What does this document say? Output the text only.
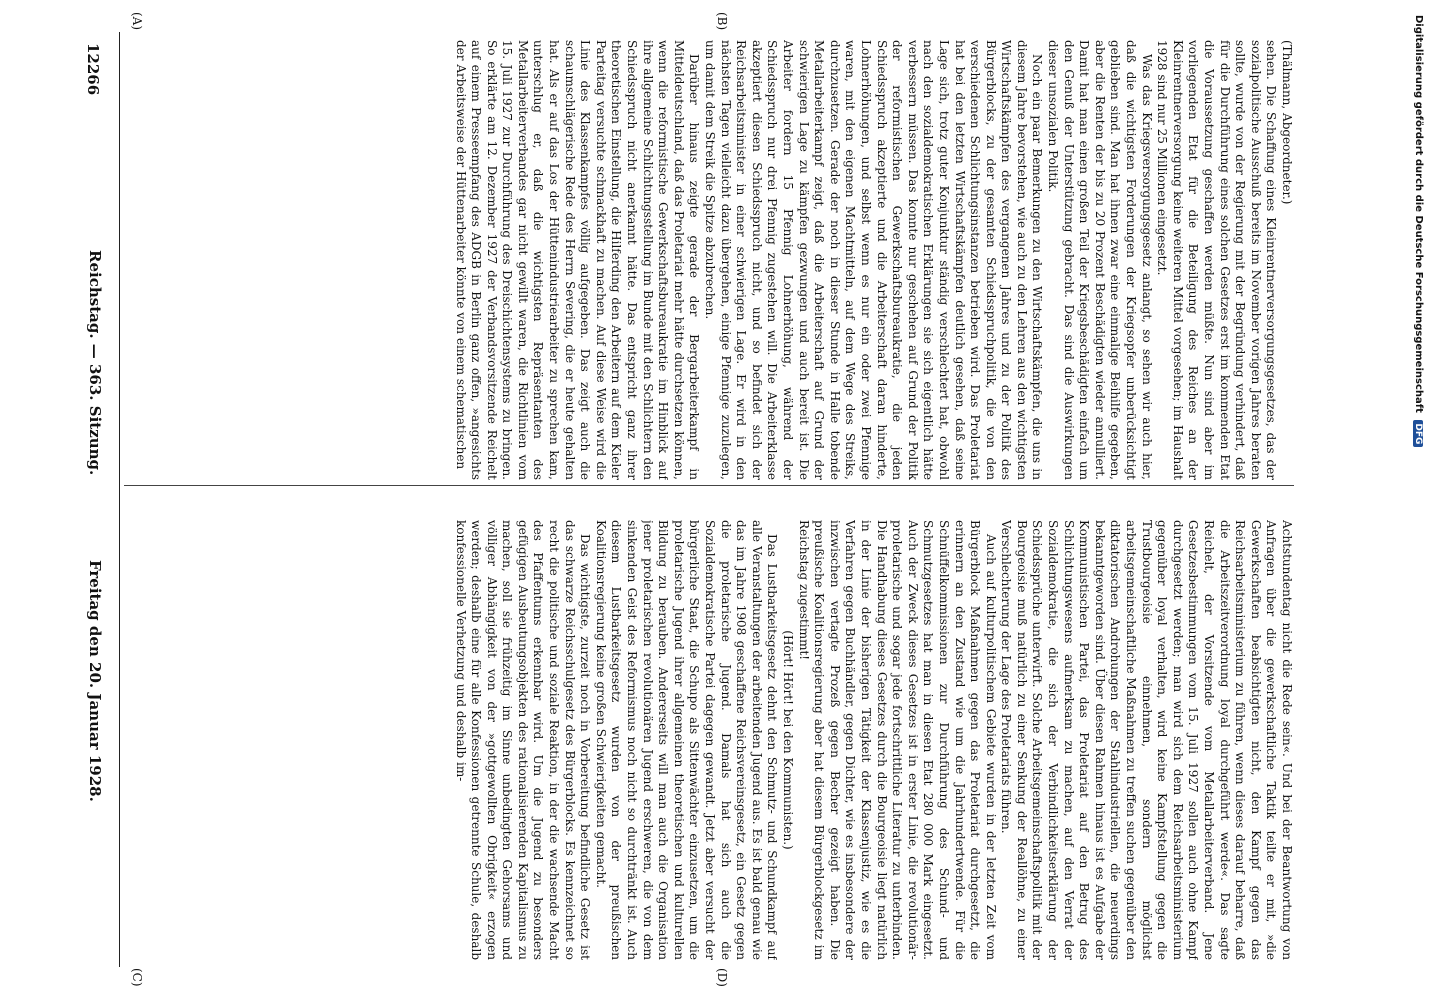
Digitalisierung gefördert durch die Deutsche Forschungsgemeinschaft DFG
12266
Reichstag. — 363. Sitzung.
Freitag den 20. Januar 1928.
(A)	(B)
(C)	(D)

(Thälmann, Abgeordneter.)

sehen. Die Schaffung eines Kleinrentnerversorgungsgesetzes, das der sozialpolitische Ausschuß bereits im November vorigen Jahres beraten sollte, wurde von der Regierung mit der Begründung verhindert, daß für die Durchführung eines solchen Gesetzes erst im kommenden Etat die Voraussetzung geschaffen werden müßte. Nun sind aber im vorliegenden Etat für die Beteiligung des Reiches an der Kleinrentnerversorgung keine weiteren Mittel vorgesehen; im Haushalt 1928 sind nur 25 Millionen eingesetzt.

Was das Kriegsversorgungsgesetz anlangt, so sehen wir auch hier, daß die wichtigsten Forderungen der Kriegsopfer unberücksichtigt geblieben sind. Man hat ihnen zwar eine einmalige Beihilfe gegeben, aber die Renten der bis zu 20 Prozent Beschädigten wieder annulliert. Damit hat man einen großen Teil der Kriegsbeschädigten einfach um den Genuß der Unterstützung gebracht. Das sind die Auswirkungen dieser unsozialen Politik.

Noch ein paar Bemerkungen zu den Wirtschaftskämpfen, die uns in diesem Jahre bevorstehen, wie auch zu den Lehren aus den wichtigsten Wirtschaftskämpfen des vergangenen Jahres und zu der Politik des Bürgerblocks, zu der gesamten Schiedsspruchpolitik, die von den verschiedenen Schlichtungsinstanzen betrieben wird. Das Proletariat hat bei den letzten Wirtschaftskämpfen deutlich gesehen, daß seine Lage sich, trotz guter Konjunktur ständig verschlechtert hat, obwohl nach den sozialdemokratischen Erklärungen sie sich eigentlich hätte verbessern müssen. Das konnte nur geschehen auf Grund der Politik der reformistischen Gewerkschaftsbureaukratie, die jeden Schiedsspruch akzeptierte und die Arbeiterschaft daran hinderte, Lohnerhöhungen, und selbst wenn es nur ein oder zwei Pfennige waren, mit den eigenen Machtmitteln, auf dem Wege des Streiks, durchzusetzen. Gerade der noch in dieser Stunde in Halle tobende Metallarbeiterkampf zeigt, daß die Arbeiterschaft auf Grund der schwierigen Lage zu kämpfen gezwungen und auch bereit ist. Die Arbeiter fordern 15 Pfennig Lohnerhöhung, während der Schiedsspruch nur drei Pfennig zugestehen will. Die Arbeiterklasse akzeptiert diesen Schiedsspruch nicht, und so befindet sich der Reichsarbeitsminister in einer schwierigen Lage. Er wird in den nächsten Tagen vielleicht dazu übergehen, einige Pfennige zuzulegen, um damit dem Streik die Spitze abzubrechen.

Darüber hinaus zeigte gerade der Bergarbeiterkampf in Mitteldeutschland, daß das Proletariat mehr hätte durchsetzen können, wenn die reformistische Gewerkschaftsbureaukratie im Hinblick auf ihre allgemeine Schlichtungsstellung im Bunde mit den Schlichtern den Schiedsspruch nicht anerkannt hätte. Das entspricht ganz ihrer theoretischen Einstellung, die Hilferding den Arbeitern auf dem Kieler Parteitag versuchte schmackhaft zu machen. Auf diese Weise wird die Linie des Klassenkampfes völlig aufgegeben. Das zeigt auch die schaumschlägerische Rede des Herrn Severing, die er heute gehalten hat. Als er auf das Los der Hüttenindustriearbeiter zu sprechen kam, unterschlug er, daß die wichtigsten Repräsentanten des Metallarbeiterverbandes gar nicht gewillt waren, die Richtlinien vom 15. Juli 1927 zur Durchführung des Dreischichtensystems zu bringen. So erklärte am 12. Dezember 1927 der Verbandsvorsitzende Reichelt auf einem Presseempfang des ADGB in Berlin ganz offen, »angesichts der Arbeitsweise der Hüttenarbeiter könnte von einem schematischen

Achtstundentag nicht die Rede sein«. Und bei der Beantwortung von Anfragen über die gewerkschaftliche Taktik teilte er mit, »die Gewerkschaften beabsichtigten nicht, den Kampf gegen das Reichsarbeitsministerium zu führen, wenn dieses darauf beharre, daß die Arbeitszeitverordnung loyal durchgeführt werde«. Das sagte Reichelt, der Vorsitzende vom Metallarbeiterverband. Jene Gesetzesbestimmungen vom 15. Juli 1927 sollen auch ohne Kampf durchgesetzt werden; man wird sich dem Reichsarbeitsministerium gegenüber loyal verhalten, wird keine Kampfstellung gegen die Trustbourgeoisie einnehmen, sondern möglichst arbeitsgemeinschaftliche Maßnahmen zu treffen suchen gegenüber den diktatorischen Androhungen der Stahlindustriellen, die neuerdings bekanntgeworden sind. Über diesen Rahmen hinaus ist es Aufgabe der Kommunistischen Partei, das Proletariat auf den Betrug des Schlichtungswesens aufmerksam zu machen, auf den Verrat der Sozialdemokratie, die sich der Verbindlichkeitserklärung der Schiedssprüche unterwirft. Solche Arbeitsgemeinschaftspolitik mit der Bourgeoisie muß natürlich zu einer Senkung der Reallöhne, zu einer Verschlechterung der Lage des Proletariats führen.

Auch auf kulturpolitischem Gebiete wurden in der letzten Zeit vom Bürgerblock Maßnahmen gegen das Proletariat durchgesetzt, die erinnern an den Zustand wie um die Jahrhundertwende. Für die Schnüffelkommissionen zur Durchführung des Schund- und Schmutzgesetzes hat man in diesen Etat 280 000 Mark eingesetzt. Auch der Zweck dieses Gesetzes ist in erster Linie, die revolutionär-proletarische und sogar jede fortschrittliche Literatur zu unterbinden. Die Handhabung dieses Gesetzes durch die Bourgeoisie liegt natürlich in der Linie der bisherigen Tätigkeit der Klassenjustiz, wie es die Verfahren gegen Buchhändler, gegen Dichter, wie es insbesondere der inzwischen vertagte Prozeß gegen Becher gezeigt haben. Die preußische Koalitionsregierung aber hat diesem Bürgerblockgesetz im Reichstag zugestimmt!

(Hört! Hört! bei den Kommunisten.)

Das Lustbarkeitsgesetz dehnt den Schmutz- und Schundkampf auf alle Veranstaltungen der arbeitenden Jugend aus. Es ist bald genau wie das im Jahre 1908 geschaffene Reichsvereinsgesetz, ein Gesetz gegen die proletarische Jugend. Damals hat sich auch die Sozialdemokratische Partei dagegen gewandt. Jetzt aber versucht der bürgerliche Staat, die Schupo als Sittenwächter einzusetzen, um die proletarische Jugend ihrer allgemeinen theoretischen und kulturellen Bildung zu berauben. Andererseits will man auch die Organisation jener proletarischen revolutionären Jugend erschweren, die von dem sinkenden Geist des Reformismus noch nicht so durchtränkt ist. Auch diesem Lustbarkeitsgesetz wurden von der preußischen Koalitionsregierung keine großen Schwierigkeiten gemacht.

Das wichtigste, zurzeit noch in Vorbereitung befindliche Gesetz ist das schwarze Reichsschulgesetz des Bürgerblocks. Es kennzeichnet so recht die politische und soziale Reaktion, in der die wachsende Macht des Pfaffentums erkennbar wird. Um die Jugend zu besonders gefügigen Ausbeutungsobjekten des rationalisierenden Kapitalismus zu machen, soll sie frühzeitig im Sinne unbedingten Gehorsams und völliger Abhängigkeit von der »gottgewollten Obrigkeit« erzogen werden; deshalb eine für alle Konfessionen getrennte Schule, deshalb konfessionelle Verhetzung und deshalb im-
